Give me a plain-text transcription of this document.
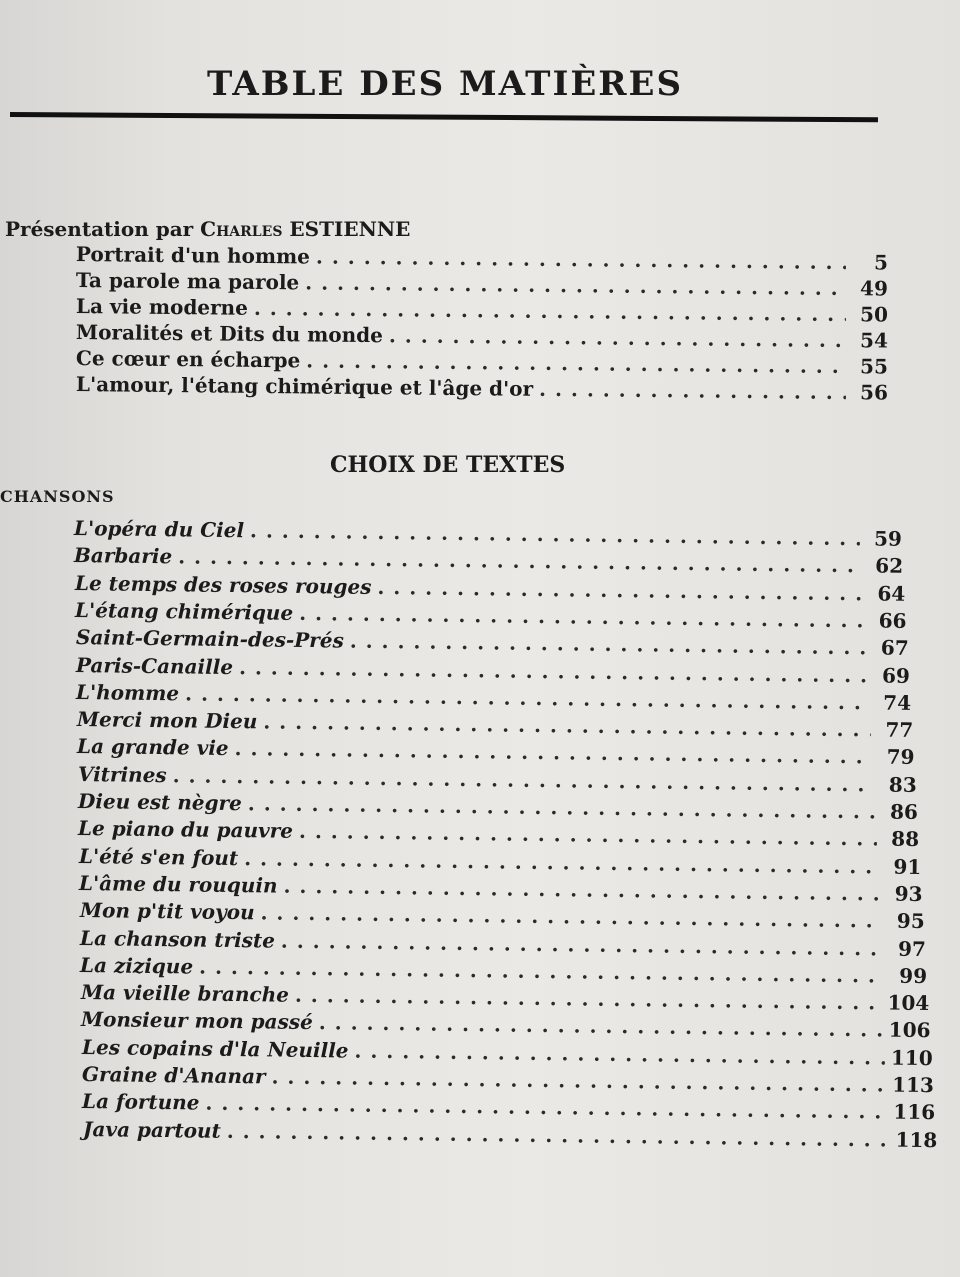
TABLE DES MATIÈRES
Présentation par Charles ESTIENNE
Portrait d'un homme . . .	5
Ta parole ma parole . . .	49
La vie moderne . . .	50
Moralités et Dits du monde . . .	54
Ce cœur en écharpe . . .	55
L'amour, l'étang chimérique et l'âge d'or . . .	56
CHOIX DE TEXTES
CHANSONS
L'opéra du Ciel . . .	59
Barbarie . . .	62
Le temps des roses rouges . . .	64
L'étang chimérique . . .	66
Saint-Germain-des-Prés . . .	67
Paris-Canaille . . .	69
L'homme . . .	74
Merci mon Dieu . . .	77
La grande vie . . .	79
Vitrines . . .	83
Dieu est nègre . . .	86
Le piano du pauvre . . .	88
L'été s'en fout . . .	91
L'âme du rouquin . . .	93
Mon p'tit voyou . . .	95
La chanson triste . . .	97
La zizique . . .	99
Ma vieille branche . . .	104
Monsieur mon passé . . .	106
Les copains d'la Neuille . . .	110
Graine d'Ananar . . .	113
La fortune . . .	116
Java partout . . .	118
